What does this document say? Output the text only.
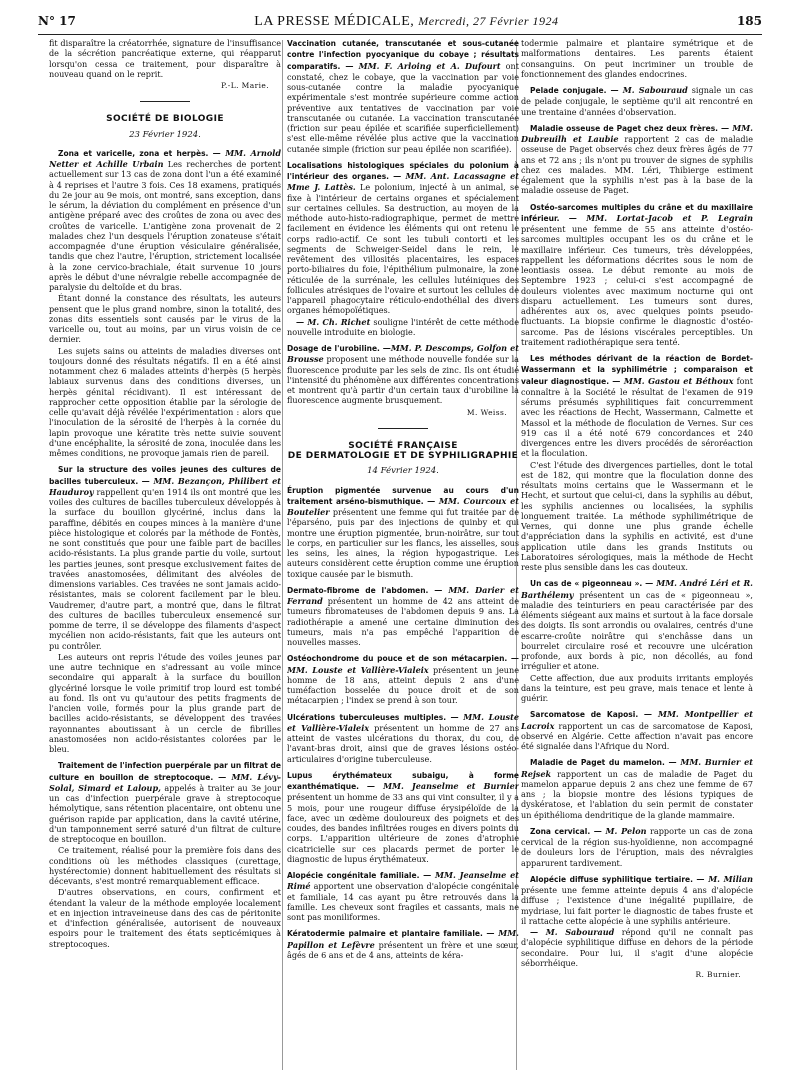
N° 17	LA PRESSE MÉDICALE, Mercredi, 27 Février 1924	185

fit disparaître la créatorrhée, signature de l'insuffisance de la sécrétion pancréatique externe, qui réapparut lorsqu'on cessa ce traitement, pour disparaître à nouveau quand on le reprit.

P.-L. Marie.
SOCIÉTÉ DE BIOLOGIE
23 Février 1924.

Zona et varicelle, zona et herpès. — MM. Arnold Netter et Achille Urbain Les recherches de portent actuellement sur 13 cas de zona dont l'un a été examiné à 4 reprises et l'autre 3 fois. Ces 18 examens, pratiqués du 2e jour au 9e mois, ont montré, sans exception, dans le sérum, la déviation du complément en présence d'un antigène préparé avec des croûtes de zona ou avec des croûtes de varicelle. L'antigène zona provenait de 2 malades chez l'un desquels l'éruption zonateuse s'était accompagnée d'une éruption vésiculaire généralisée, tandis que chez l'autre, l'éruption, strictement localisée à la zone cervico-brachiale, était survenue 10 jours après le début d'une névralgie rebelle accompagnée de paralysie du deltoïde et du bras.

Étant donné la constance des résultats, les auteurs pensent que le plus grand nombre, sinon la totalité, des zonas dits essentiels sont causés par le virus de la varicelle ou, tout au moins, par un virus voisin de ce dernier.

Les sujets sains ou atteints de maladies diverses ont toujours donné des résultats négatifs. Il en a été ainsi notamment chez 6 malades atteints d'herpès (5 herpès labiaux survenus dans des conditions diverses, un herpès génital récidivant). Il est intéressant de rapprocher cette opposition établie par la sérologie de celle qu'avait déjà révélée l'expérimentation : alors que l'inoculation de la sérosité de l'herpès à la cornée du lapin provoque une kératite très nette suivie souvent d'une encéphalite, la sérosité de zona, inoculée dans les mêmes conditions, ne provoque jamais rien de pareil.

Sur la structure des voiles jeunes des cultures de bacilles tuberculeux. — MM. Bezançon, Philibert et Hauduroy rappellent qu'en 1914 ils ont montré que les voiles des cultures de bacilles tuberculeux développés à la surface du bouillon glycériné, inclus dans la paraffine, débités en coupes minces à la manière d'une pièce histologique et colorés par la méthode de Fontès, ne sont constitués que pour une faible part de bacilles acido-résistants. La plus grande partie du voile, surtout les parties jeunes, sont presque exclusivement faites de travées anastomosées, délimitant des alvéoles de dimensions variables. Ces travées ne sont jamais acido-résistantes, mais se colorent facilement par le bleu. Vaudremer, d'autre part, a montré que, dans le filtrat des cultures de bacilles tuberculeux ensemencé sur pomme de terre, il se développe des filaments d'aspect mycélien non acido-résistants, fait que les auteurs ont pu contrôler.

Les auteurs ont repris l'étude des voiles jeunes par une autre technique en s'adressant au voile mince secondaire qui apparaît à la surface du bouillon glycériné lorsque le voile primitif trop lourd est tombé au fond. Ils ont vu qu'autour des petits fragments de l'ancien voile, formés pour la plus grande part de bacilles acido-résistants, se développent des travées rayonnantes aboutissant à un cercle de fibrilles anastomosées non acido-résistantes colorées par le bleu.

Traitement de l'infection puerpérale par un filtrat de culture en bouillon de streptocoque. — MM. Lévy-Solal, Simard et Laloup, appelés à traiter au 3e jour un cas d'infection puerpérale grave à streptocoque hémolytique, sans rétention placentaire, ont obtenu une guérison rapide par application, dans la cavité utérine, d'un tamponnement serré saturé d'un filtrat de culture de streptocoque en bouillon.

Ce traitement, réalisé pour la première fois dans des conditions où les méthodes classiques (curettage, hystérectomie) donnent habituellement des résultats si décevants, s'est montré remarquablement efficace.

D'autres observations, en cours, confirment et étendant la valeur de la méthode employée localement et en injection intraveineuse dans des cas de péritonite et d'infection généralisée, autorisent de nouveaux espoirs pour le traitement des états septicémiques à streptocoques.

Vaccination cutanée, transcutanée et sous-cutanée contre l'infection pyocyanique du cobaye ; résultats comparatifs. — MM. F. Arloing et A. Dufourt ont constaté, chez le cobaye, que la vaccination par voie sous-cutanée contre la maladie pyocyanique expérimentale s'est montrée supérieure comme action préventive aux tentatives de vaccination par voie transcutanée ou cutanée. La vaccination transcutanée (friction sur peau épilée et scarifiée superficiellement) s'est elle-même révélée plus active que la vaccination cutanée simple (friction sur peau épilée non scarifiée).

Localisations histologiques spéciales du polonium à l'intérieur des organes. — MM. Ant. Lacassagne et Mme J. Lattès. Le polonium, injecté à un animal, se fixe à l'intérieur de certains organes et spécialement sur certaines cellules. Sa destruction, au moyen de la méthode auto-histo-radiographique, permet de mettre facilement en évidence les éléments qui ont retenu le corps radio-actif. Ce sont les tubuli contorti et les segments de Schweiger-Seidel dans le rein, le revêtement des villosités placentaires, les espaces porto-biliaires du foie, l'épithélium pulmonaire, la zone réticulée de la surrénale, les cellules lutéiniques des follicules atrésiques de l'ovaire et surtout les cellules de l'appareil phagocytaire réticulo-endothélial des divers organes hémopoïétiques.

— M. Ch. Richet souligne l'intérêt de cette méthode nouvelle introduite en biologie.

Dosage de l'urobiline. —MM. P. Descomps, Golfon et Brousse proposent une méthode nouvelle fondée sur la fluorescence produite par les sels de zinc. Ils ont étudié l'intensité du phénomène aux différentes concentrations et montrent qu'à partir d'un certain taux d'urobiline la fluorescence augmente brusquement.

M. Weiss.
SOCIÉTÉ FRANÇAISE
DE DERMATOLOGIE ET DE SYPHILIGRAPHIE
14 Février 1924.

Éruption pigmentée survenue au cours d'un traitement arséno-bismuthique. — MM. Courcoux et Boutelier présentent une femme qui fut traitée par de l'éparséno, puis par des injections de quinby et qui montre une éruption pigmentée, brun-noirâtre, sur tout le corps, en particulier sur les flancs, les aisselles, sous les seins, les aines, la région hypogastrique. Les auteurs considèrent cette éruption comme une éruption toxique causée par le bismuth.

Dermato-fibrome de l'abdomen. — MM. Darier et Ferrand présentent un homme de 42 ans atteint de tumeurs fibromateuses de l'abdomen depuis 9 ans. La radiothérapie a amené une certaine diminution des tumeurs, mais n'a pas empêché l'apparition de nouvelles masses.

Ostéochondrome du pouce et de son métacarpien. — MM. Louste et Vallière-Vialeix présentent un jeune homme de 18 ans, atteint depuis 2 ans d'une tuméfaction bosselée du pouce droit et de son métacarpien ; l'index se prend à son tour.

Ulcérations tuberculeuses multiples. — MM. Louste et Vallière-Vialeix présentent un homme de 27 ans atteint de vastes ulcérations du thorax, du cou, de l'avant-bras droit, ainsi que de graves lésions ostéo-articulaires d'origine tuberculeuse.

Lupus érythémateux subaigu, à forme exanthématique. — MM. Jeanselme et Burnier présentent un homme de 33 ans qui vint consulter, il y a 5 mois, pour une rougeur diffuse érysipéloïde de la face, avec un œdème douloureux des poignets et des coudes, des bandes infiltrées rouges en divers points du corps. L'apparition ultérieure de zones d'atrophie cicatricielle sur ces placards permet de porter le diagnostic de lupus érythémateux.

Alopécie congénitale familiale. — MM. Jeanselme et Rimé apportent une observation d'alopécie congénitale et familiale, 14 cas ayant pu être retrouvés dans la famille. Les cheveux sont fragiles et cassants, mais ne sont pas moniliformes.

Kératodermie palmaire et plantaire familiale. — MM. Papillon et Lefèvre présentent un frère et une sœur, âgés de 6 ans et de 4 ans, atteints de kéra-

todermie palmaire et plantaire symétrique et de malformations dentaires. Les parents étaient consanguins. On peut incriminer un trouble de fonctionnement des glandes endocrines.

Pelade conjugale. — M. Sabouraud signale un cas de pelade conjugale, le septième qu'il ait rencontré en une trentaine d'années d'observation.

Maladie osseuse de Paget chez deux frères. — MM. Dubreuilh et Laubie rapportent 2 cas de maladie osseuse de Paget observés chez deux frères âgés de 77 ans et 72 ans ; ils n'ont pu trouver de signes de syphilis chez ces malades. MM. Léri, Thibierge estiment également que la syphilis n'est pas à la base de la maladie osseuse de Paget.

Ostéo-sarcomes multiples du crâne et du maxillaire inférieur. — MM. Lortat-Jacob et P. Legrain présentent une femme de 55 ans atteinte d'ostéo-sarcomes multiples occupant les os du crâne et le maxillaire inférieur. Ces tumeurs, très développées, rappellent les déformations décrites sous le nom de leontiasis ossea. Le début remonte au mois de Septembre 1923 ; celui-ci s'est accompagné de douleurs violentes avec maximum nocturne qui ont disparu actuellement. Les tumeurs sont dures, adhérentes aux os, avec quelques points pseudo-fluctuants. La biopsie confirme le diagnostic d'ostéo-sarcome. Pas de lésions viscérales perceptibles. Un traitement radiothérapique sera tenté.

Les méthodes dérivant de la réaction de Bordet-Wassermann et la syphilimétrie ; comparaison et valeur diagnostique. — MM. Gastou et Béthoux font connaître à la Société le résultat de l'examen de 919 sérums présumés syphilitiques fait concurremment avec les réactions de Hecht, Wassermann, Calmette et Massol et la méthode de floculation de Vernes. Sur ces 919 cas il a été noté 679 concordances et 240 divergences entre les divers procédés de séroréaction et la floculation.

C'est l'étude des divergences partielles, dont le total est de 182, qui montre que la floculation donne des résultats moins certains que le Wassermann et le Hecht, et surtout que celui-ci, dans la syphilis au début, les syphilis anciennes ou localisées, la syphilis longuement traitée. La méthode syphilimétrique de Vernes, qui donne une plus grande échelle d'appréciation dans la syphilis en activité, est d'une application utile dans les grands Instituts ou Laboratoires sérologiques, mais la méthode de Hecht reste plus sensible dans les cas douteux.

Un cas de « pigeonneau ». — MM. André Léri et R. Barthélemy présentent un cas de « pigeonneau », maladie des teinturiers en peau caractérisée par des éléments siégeant aux mains et surtout à la face dorsale des doigts. Ils sont arrondis ou ovalaires, centrés d'une escarre-croûte noirâtre qui s'enchâsse dans un bourrelet circulaire rosé et recouvre une ulcération profonde, aux bords à pic, non décollés, au fond irrégulier et atone.

Cette affection, due aux produits irritants employés dans la teinture, est peu grave, mais tenace et lente à guérir.

Sarcomatose de Kaposi. — MM. Montpellier et Lacroix rapportent un cas de sarcomatose de Kaposi, observé en Algérie. Cette affection n'avait pas encore été signalée dans l'Afrique du Nord.

Maladie de Paget du mamelon. — MM. Burnier et Rejsek rapportent un cas de maladie de Paget du mamelon apparue depuis 2 ans chez une femme de 67 ans ; la biopsie montre des lésions typiques de dyskératose, et l'ablation du sein permit de constater un épithélioma dendritique de la glande mammaire.

Zona cervical. — M. Pelon rapporte un cas de zona cervical de la région sus-hyoïdienne, non accompagné de douleurs lors de l'éruption, mais des névralgies apparurent tardivement.

Alopécie diffuse syphilitique tertiaire. — M. Milian présente une femme atteinte depuis 4 ans d'alopécie diffuse ; l'existence d'une inégalité pupillaire, de mydriase, lui fait porter le diagnostic de tabes fruste et il rattache cette alopécie à une syphilis antérieure.

— M. Sabouraud répond qu'il ne connaît pas d'alopécie syphilitique diffuse en dehors de la période secondaire. Pour lui, il s'agit d'une alopécie séborrhéique.

R. Burnier.
